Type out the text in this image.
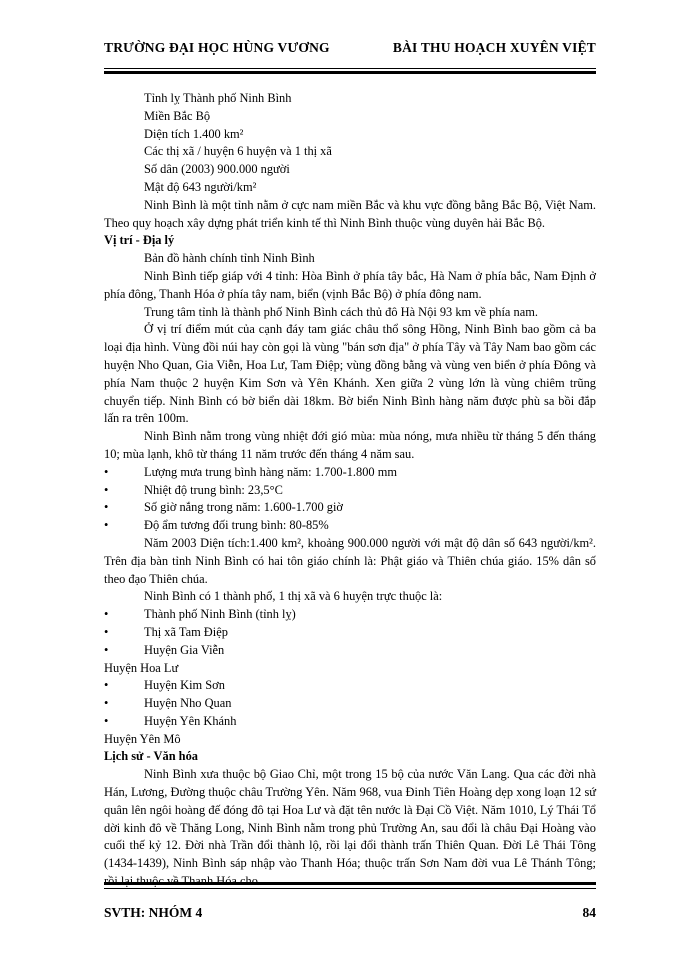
TRƯỜNG ĐẠI HỌC HÙNG VƯƠNG	BÀI THU HOẠCH XUYÊN VIỆT

Tỉnh lỵ Thành phố Ninh Bình

Miền Bắc Bộ

Diện tích 1.400 km²

Các thị xã / huyện 6 huyện và 1 thị xã

Số dân (2003) 900.000 người

Mật độ 643 người/km²

Ninh Bình là một tỉnh nằm ở cực nam miền Bắc và khu vực đồng bằng Bắc Bộ, Việt Nam. Theo quy hoạch xây dựng phát triển kinh tế thì Ninh Bình thuộc vùng duyên hải Bắc Bộ.

Vị trí - Địa lý

Bản đồ hành chính tỉnh Ninh Bình

Ninh Bình tiếp giáp với 4 tỉnh: Hòa Bình ở phía tây bắc, Hà Nam ở phía bắc, Nam Định ở phía đông, Thanh Hóa ở phía tây nam, biển (vịnh Bắc Bộ) ở phía đông nam.

Trung tâm tỉnh là thành phố Ninh Bình cách thủ đô Hà Nội 93 km về phía nam.

Ở vị trí điểm mút của cạnh đáy tam giác châu thổ sông Hồng, Ninh Bình bao gồm cả ba loại địa hình. Vùng đồi núi hay còn gọi là vùng "bán sơn địa" ở phía Tây và Tây Nam bao gồm các huyện Nho Quan, Gia Viễn, Hoa Lư, Tam Điệp; vùng đồng bằng và vùng ven biển ở phía Đông và phía Nam thuộc 2 huyện Kim Sơn và Yên Khánh. Xen giữa 2 vùng lớn là vùng chiêm trũng chuyển tiếp. Ninh Bình có bờ biển dài 18km. Bờ biển Ninh Bình hàng năm được phù sa bồi đắp lấn ra trên 100m.

Ninh Bình nằm trong vùng nhiệt đới gió mùa: mùa nóng, mưa nhiều từ tháng 5 đến tháng 10; mùa lạnh, khô từ tháng 11 năm trước đến tháng 4 năm sau.

•	Lượng mưa trung bình hàng năm: 1.700-1.800 mm
•	Nhiệt độ trung bình: 23,5°C
•	Số giờ nắng trong năm: 1.600-1.700 giờ
•	Độ ẩm tương đối trung bình: 80-85%

Năm 2003 Diện tích:1.400 km², khoảng 900.000 người với mật độ dân số 643 người/km². Trên địa bàn tỉnh Ninh Bình có hai tôn giáo chính là: Phật giáo và Thiên chúa giáo. 15% dân số theo đạo Thiên chúa.

Ninh Bình có 1 thành phố, 1 thị xã và 6 huyện trực thuộc là:

•	Thành phố Ninh Bình (tỉnh lỵ)
•	Thị xã Tam Điệp
•	Huyện Gia Viễn

Huyện Hoa Lư

•	Huyện Kim Sơn
•	Huyện Nho Quan
•	Huyện Yên Khánh

Huyện Yên Mô

Lịch sử - Văn hóa

Ninh Bình xưa thuộc bộ Giao Chỉ, một trong 15 bộ của nước Văn Lang. Qua các đời nhà Hán, Lương, Đường thuộc châu Trường Yên. Năm 968, vua Đinh Tiên Hoàng dẹp xong loạn 12 sứ quân lên ngôi hoàng đế đóng đô tại Hoa Lư và đặt tên nước là Đại Cồ Việt. Năm 1010, Lý Thái Tổ dời kinh đô về Thăng Long, Ninh Bình nằm trong phủ Trường An, sau đổi là châu Đại Hoàng vào cuối thế kỷ 12. Đời nhà Trần đổi thành lộ, rồi lại đổi thành trấn Thiên Quan. Đời Lê Thái Tông (1434-1439), Ninh Bình sáp nhập vào Thanh Hóa; thuộc trấn Sơn Nam đời vua Lê Thánh Tông;

SVTH: NHÓM 4	84
